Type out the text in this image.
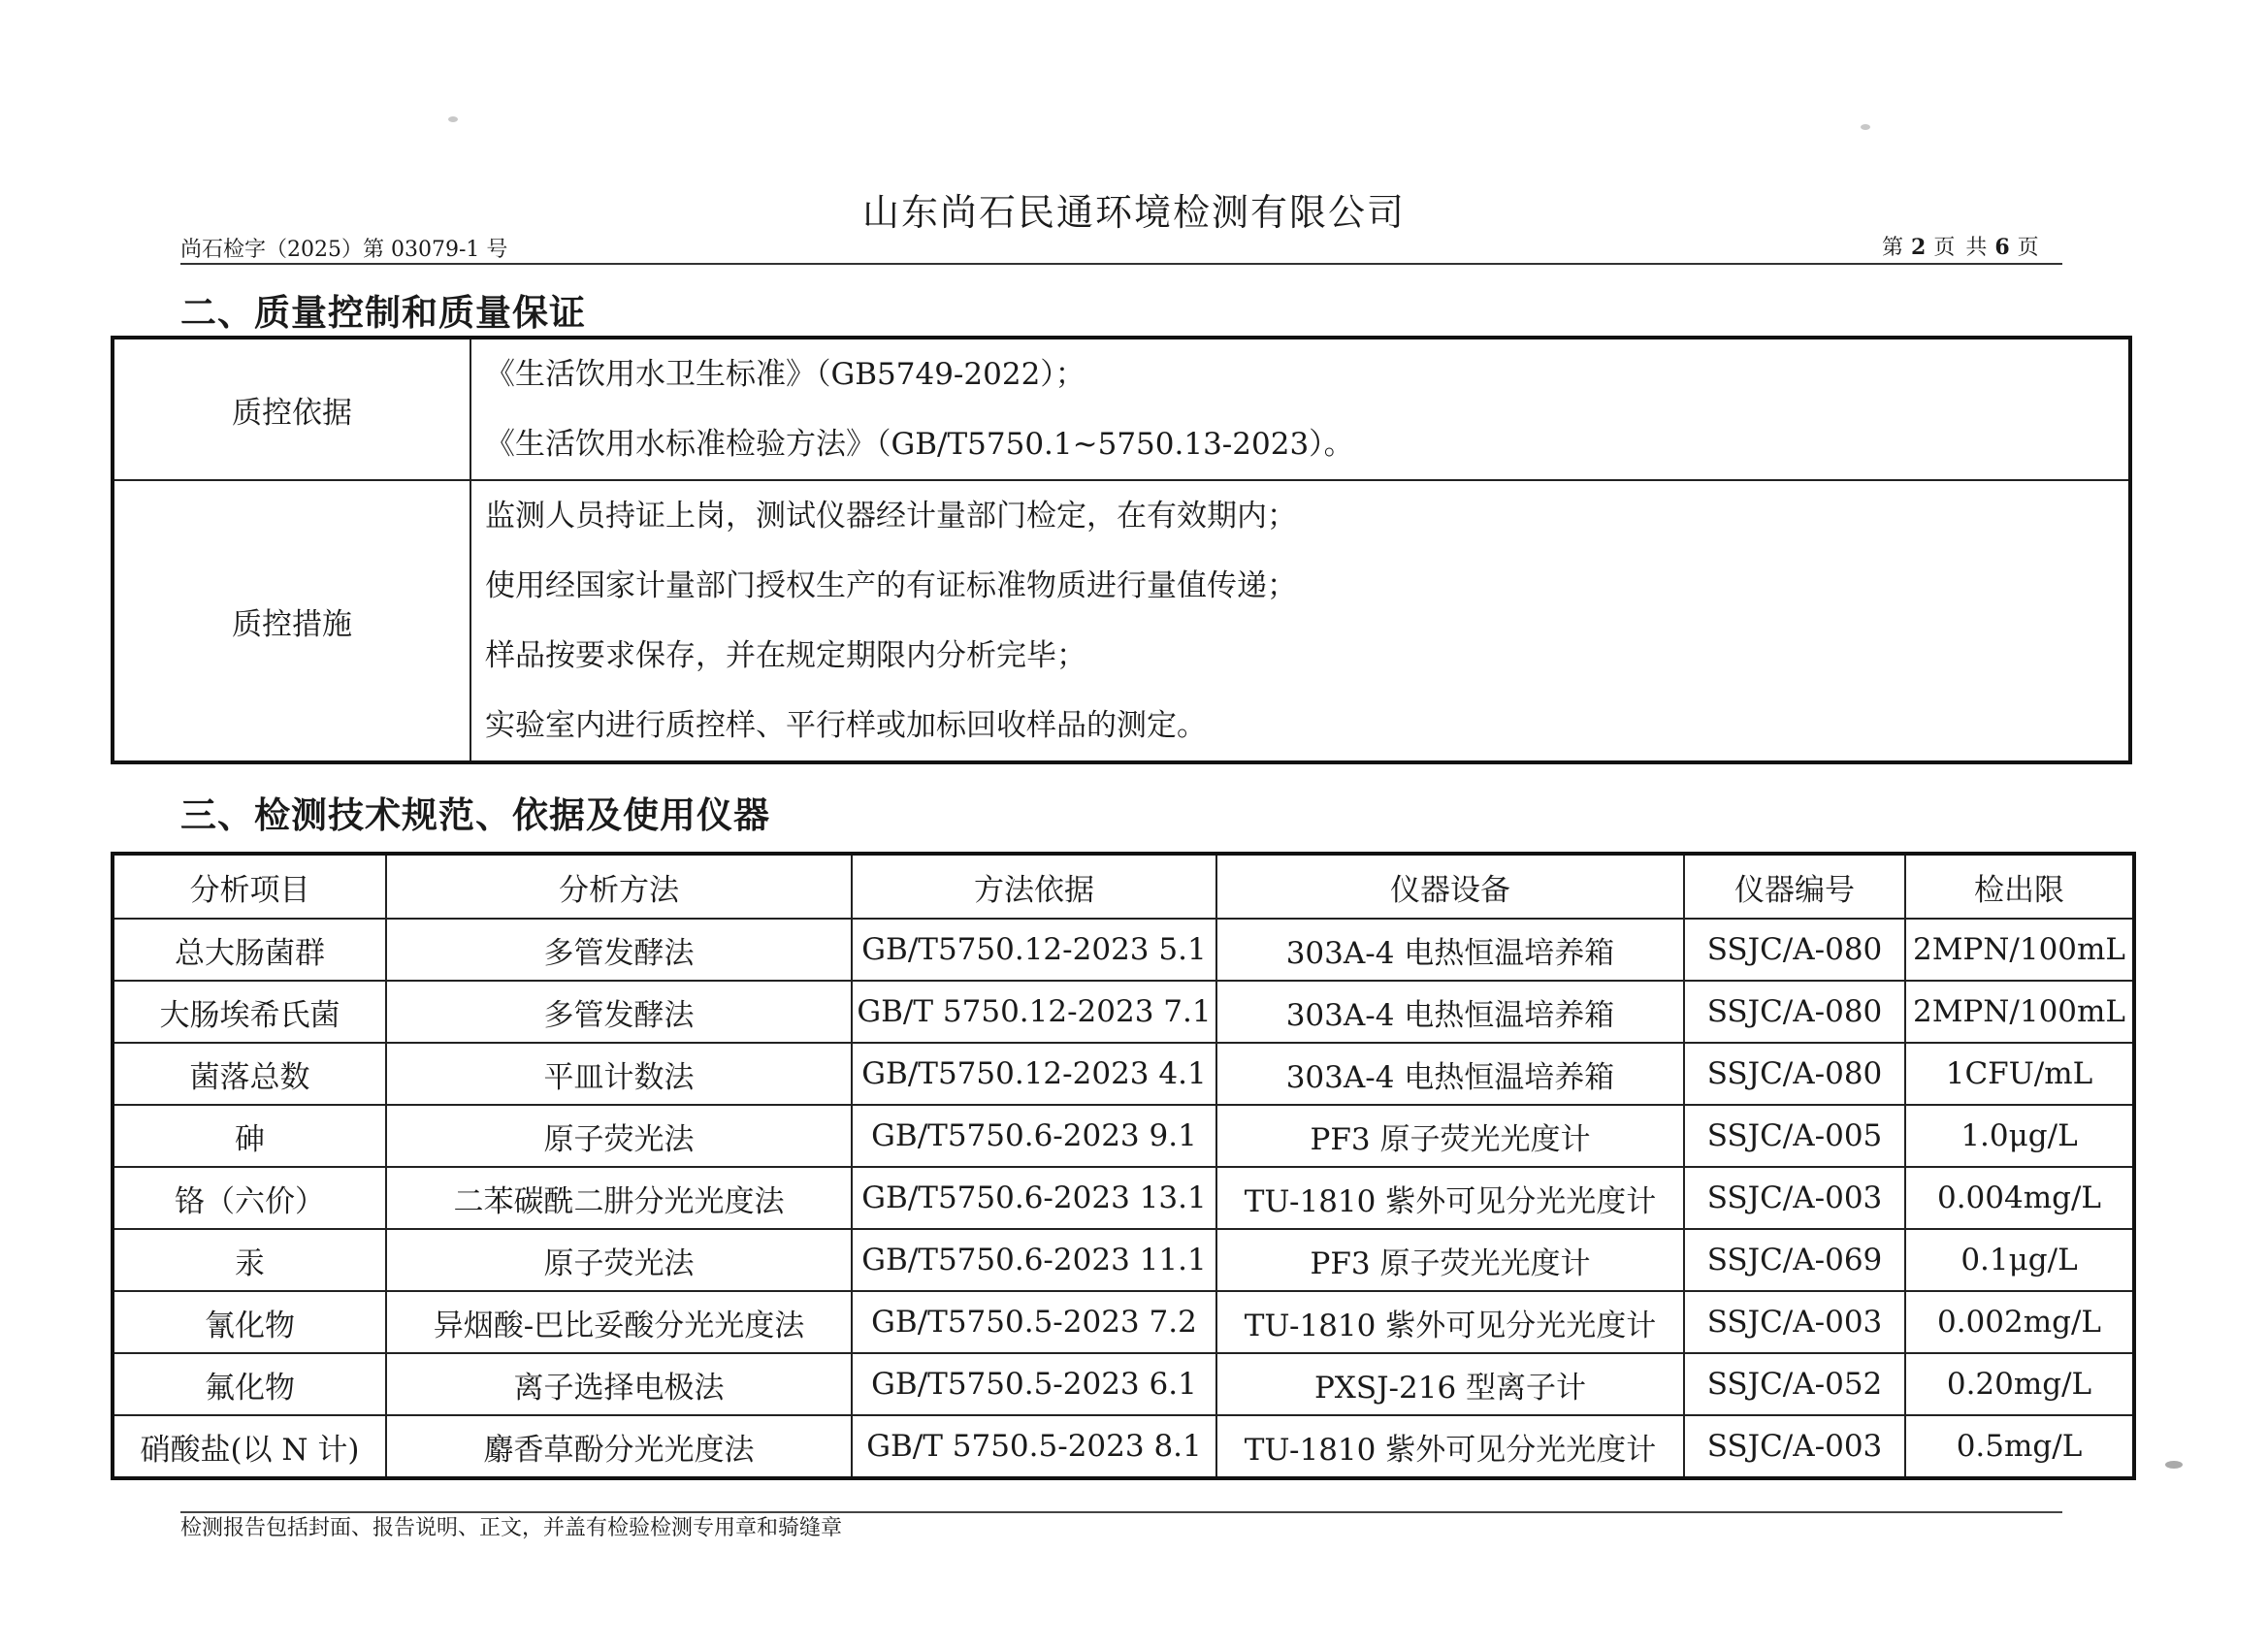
山东尚石民通环境检测有限公司
尚石检字（2025）第 03079-1 号	第 2 页 共 6 页
二、质量控制和质量保证
质控依据	《生活饮用水卫生标准》（GB5749-2022）；
《生活饮用水标准检验方法》（GB/T5750.1~5750.13-2023）。

质控措施	监测人员持证上岗，测试仪器经计量部门检定，在有效期内；
使用经国家计量部门授权生产的有证标准物质进行量值传递；
样品按要求保存，并在规定期限内分析完毕；
实验室内进行质控样、平行样或加标回收样品的测定。
三、检测技术规范、依据及使用仪器
分析项目	分析方法	方法依据	仪器设备	仪器编号	检出限
总大肠菌群	多管发酵法	GB/T5750.12-2023 5.1	303A-4 电热恒温培养箱	SSJC/A-080	2MPN/100mL
大肠埃希氏菌	多管发酵法	GB/T 5750.12-2023 7.1	303A-4 电热恒温培养箱	SSJC/A-080	2MPN/100mL
菌落总数	平皿计数法	GB/T5750.12-2023 4.1	303A-4 电热恒温培养箱	SSJC/A-080	1CFU/mL
砷	原子荧光法	GB/T5750.6-2023 9.1	PF3 原子荧光光度计	SSJC/A-005	1.0μg/L
铬（六价）	二苯碳酰二肼分光光度法	GB/T5750.6-2023 13.1	TU-1810 紫外可见分光光度计	SSJC/A-003	0.004mg/L
汞	原子荧光法	GB/T5750.6-2023 11.1	PF3 原子荧光光度计	SSJC/A-069	0.1μg/L
氰化物	异烟酸-巴比妥酸分光光度法	GB/T5750.5-2023 7.2	TU-1810 紫外可见分光光度计	SSJC/A-003	0.002mg/L
氟化物	离子选择电极法	GB/T5750.5-2023 6.1	PXSJ-216 型离子计	SSJC/A-052	0.20mg/L
硝酸盐(以 N 计)	麝香草酚分光光度法	GB/T 5750.5-2023 8.1	TU-1810 紫外可见分光光度计	SSJC/A-003	0.5mg/L
检测报告包括封面、报告说明、正文，并盖有检验检测专用章和骑缝章
